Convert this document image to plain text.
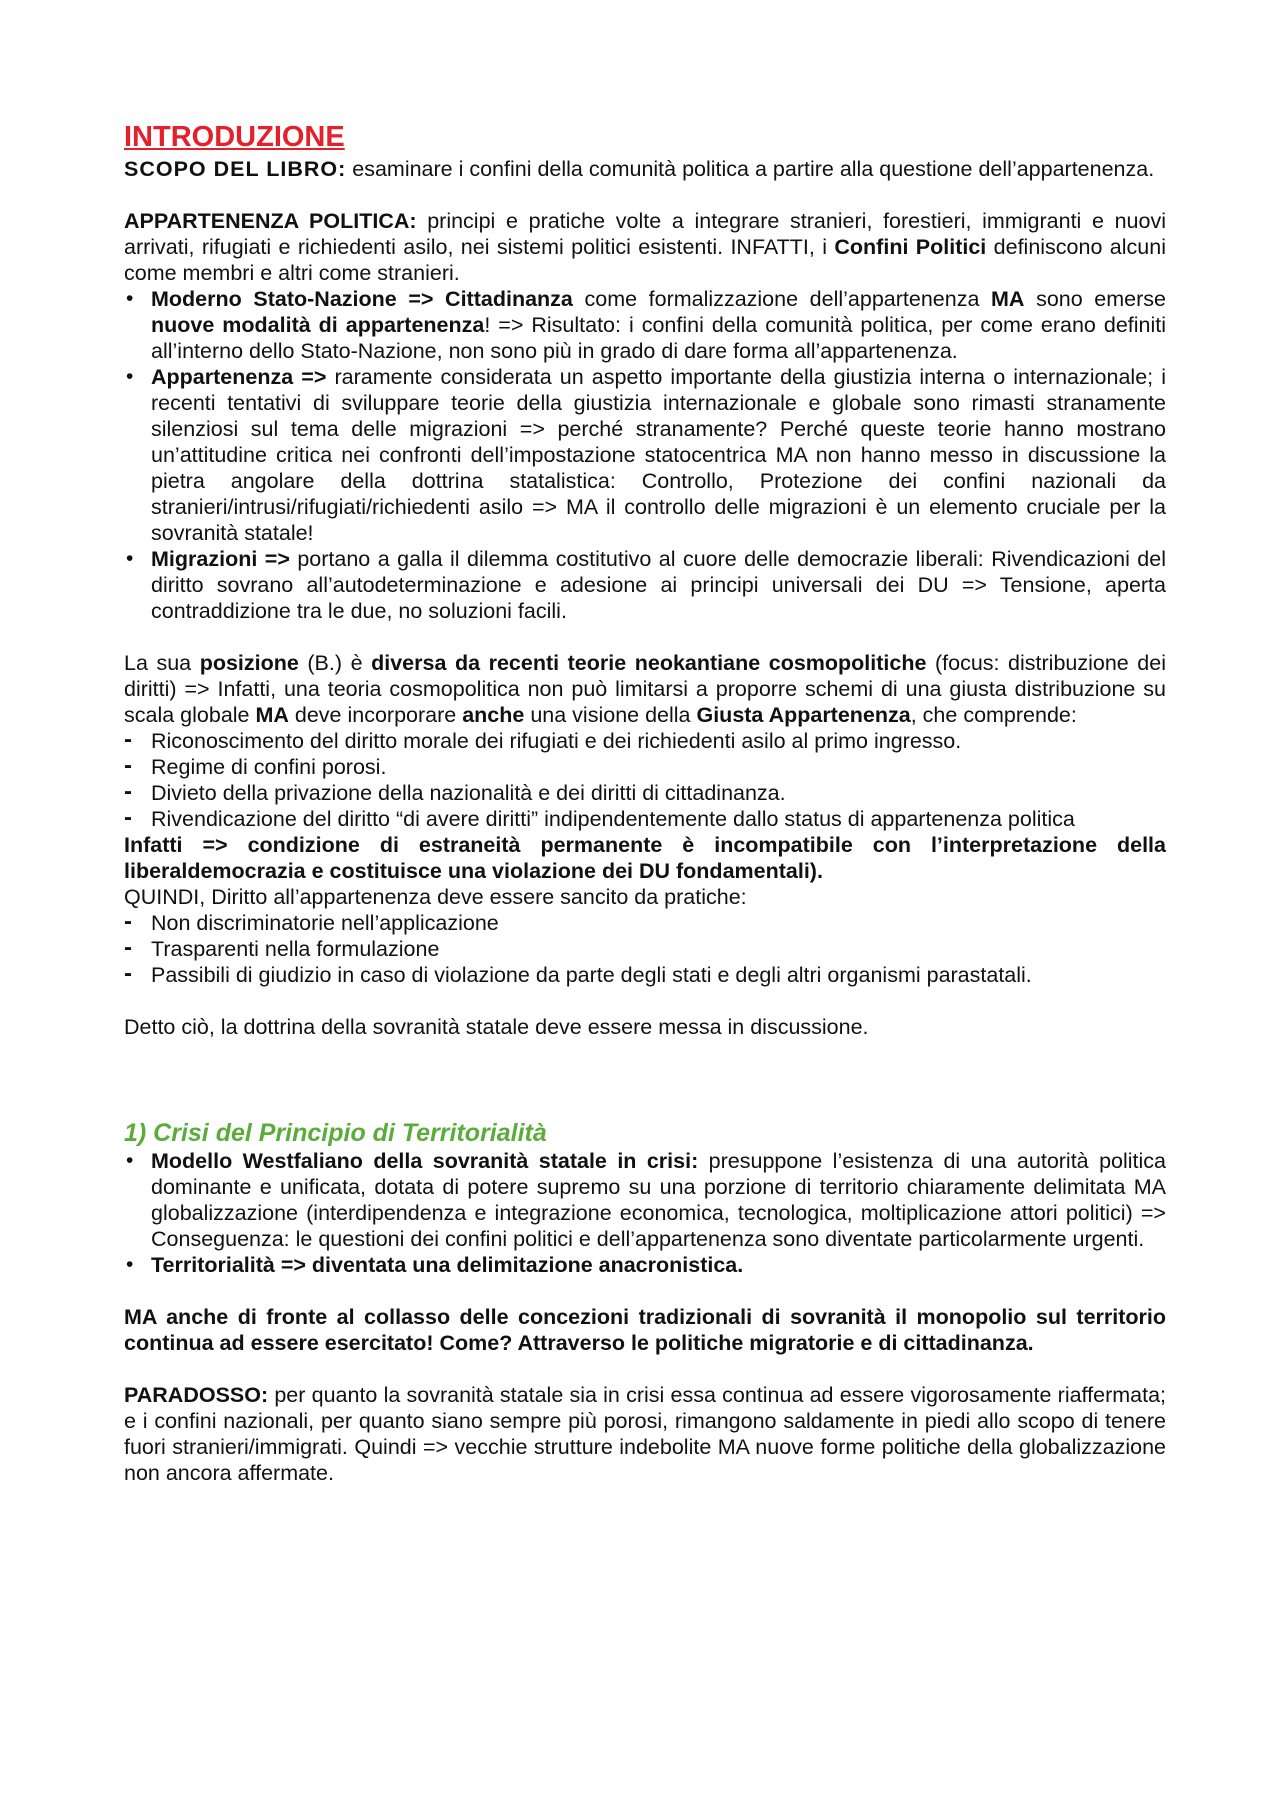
INTRODUZIONE

SCOPO DEL LIBRO: esaminare i confini della comunità politica a partire alla questione dell’appartenenza.

APPARTENENZA POLITICA: principi e pratiche volte a integrare stranieri, forestieri, immigranti e nuovi arrivati, rifugiati e richiedenti asilo, nei sistemi politici esistenti. INFATTI, i Confini Politici definiscono alcuni come membri e altri come stranieri.

• Moderno Stato-Nazione => Cittadinanza come formalizzazione dell’appartenenza MA sono emerse nuove modalità di appartenenza! => Risultato: i confini della comunità politica, per come erano definiti all’interno dello Stato-Nazione, non sono più in grado di dare forma all’appartenenza.
• Appartenenza => raramente considerata un aspetto importante della giustizia interna o internazionale; i recenti tentativi di sviluppare teorie della giustizia internazionale e globale sono rimasti stranamente silenziosi sul tema delle migrazioni => perché stranamente? Perché queste teorie hanno mostrano un’attitudine critica nei confronti dell’impostazione statocentrica MA non hanno messo in discussione la pietra angolare della dottrina statalistica: Controllo, Protezione dei confini nazionali da stranieri/intrusi/rifugiati/richiedenti asilo => MA il controllo delle migrazioni è un elemento cruciale per la sovranità statale!
• Migrazioni => portano a galla il dilemma costitutivo al cuore delle democrazie liberali: Rivendicazioni del diritto sovrano all’autodeterminazione e adesione ai principi universali dei DU => Tensione, aperta contraddizione tra le due, no soluzioni facili.

La sua posizione (B.) è diversa da recenti teorie neokantiane cosmopolitiche (focus: distribuzione dei diritti) => Infatti, una teoria cosmopolitica non può limitarsi a proporre schemi di una giusta distribuzione su scala globale MA deve incorporare anche una visione della Giusta Appartenenza, che comprende:

- Riconoscimento del diritto morale dei rifugiati e dei richiedenti asilo al primo ingresso.
- Regime di confini porosi.
- Divieto della privazione della nazionalità e dei diritti di cittadinanza.
- Rivendicazione del diritto “di avere diritti” indipendentemente dallo status di appartenenza politica

Infatti => condizione di estraneità permanente è incompatibile con l’interpretazione della liberaldemocrazia e costituisce una violazione dei DU fondamentali).

QUINDI, Diritto all’appartenenza deve essere sancito da pratiche:

- Non discriminatorie nell’applicazione
- Trasparenti nella formulazione
- Passibili di giudizio in caso di violazione da parte degli stati e degli altri organismi parastatali.

Detto ciò, la dottrina della sovranità statale deve essere messa in discussione.

1) Crisi del Principio di Territorialità
• Modello Westfaliano della sovranità statale in crisi: presuppone l’esistenza di una autorità politica dominante e unificata, dotata di potere supremo su una porzione di territorio chiaramente delimitata MA globalizzazione (interdipendenza e integrazione economica, tecnologica, moltiplicazione attori politici) => Conseguenza: le questioni dei confini politici e dell’appartenenza sono diventate particolarmente urgenti.
• Territorialità => diventata una delimitazione anacronistica.

MA anche di fronte al collasso delle concezioni tradizionali di sovranità il monopolio sul territorio continua ad essere esercitato! Come? Attraverso le politiche migratorie e di cittadinanza.

PARADOSSO: per quanto la sovranità statale sia in crisi essa continua ad essere vigorosamente riaffermata; e i confini nazionali, per quanto siano sempre più porosi, rimangono saldamente in piedi allo scopo di tenere fuori stranieri/immigrati. Quindi => vecchie strutture indebolite MA nuove forme politiche della globalizzazione non ancora affermate.
